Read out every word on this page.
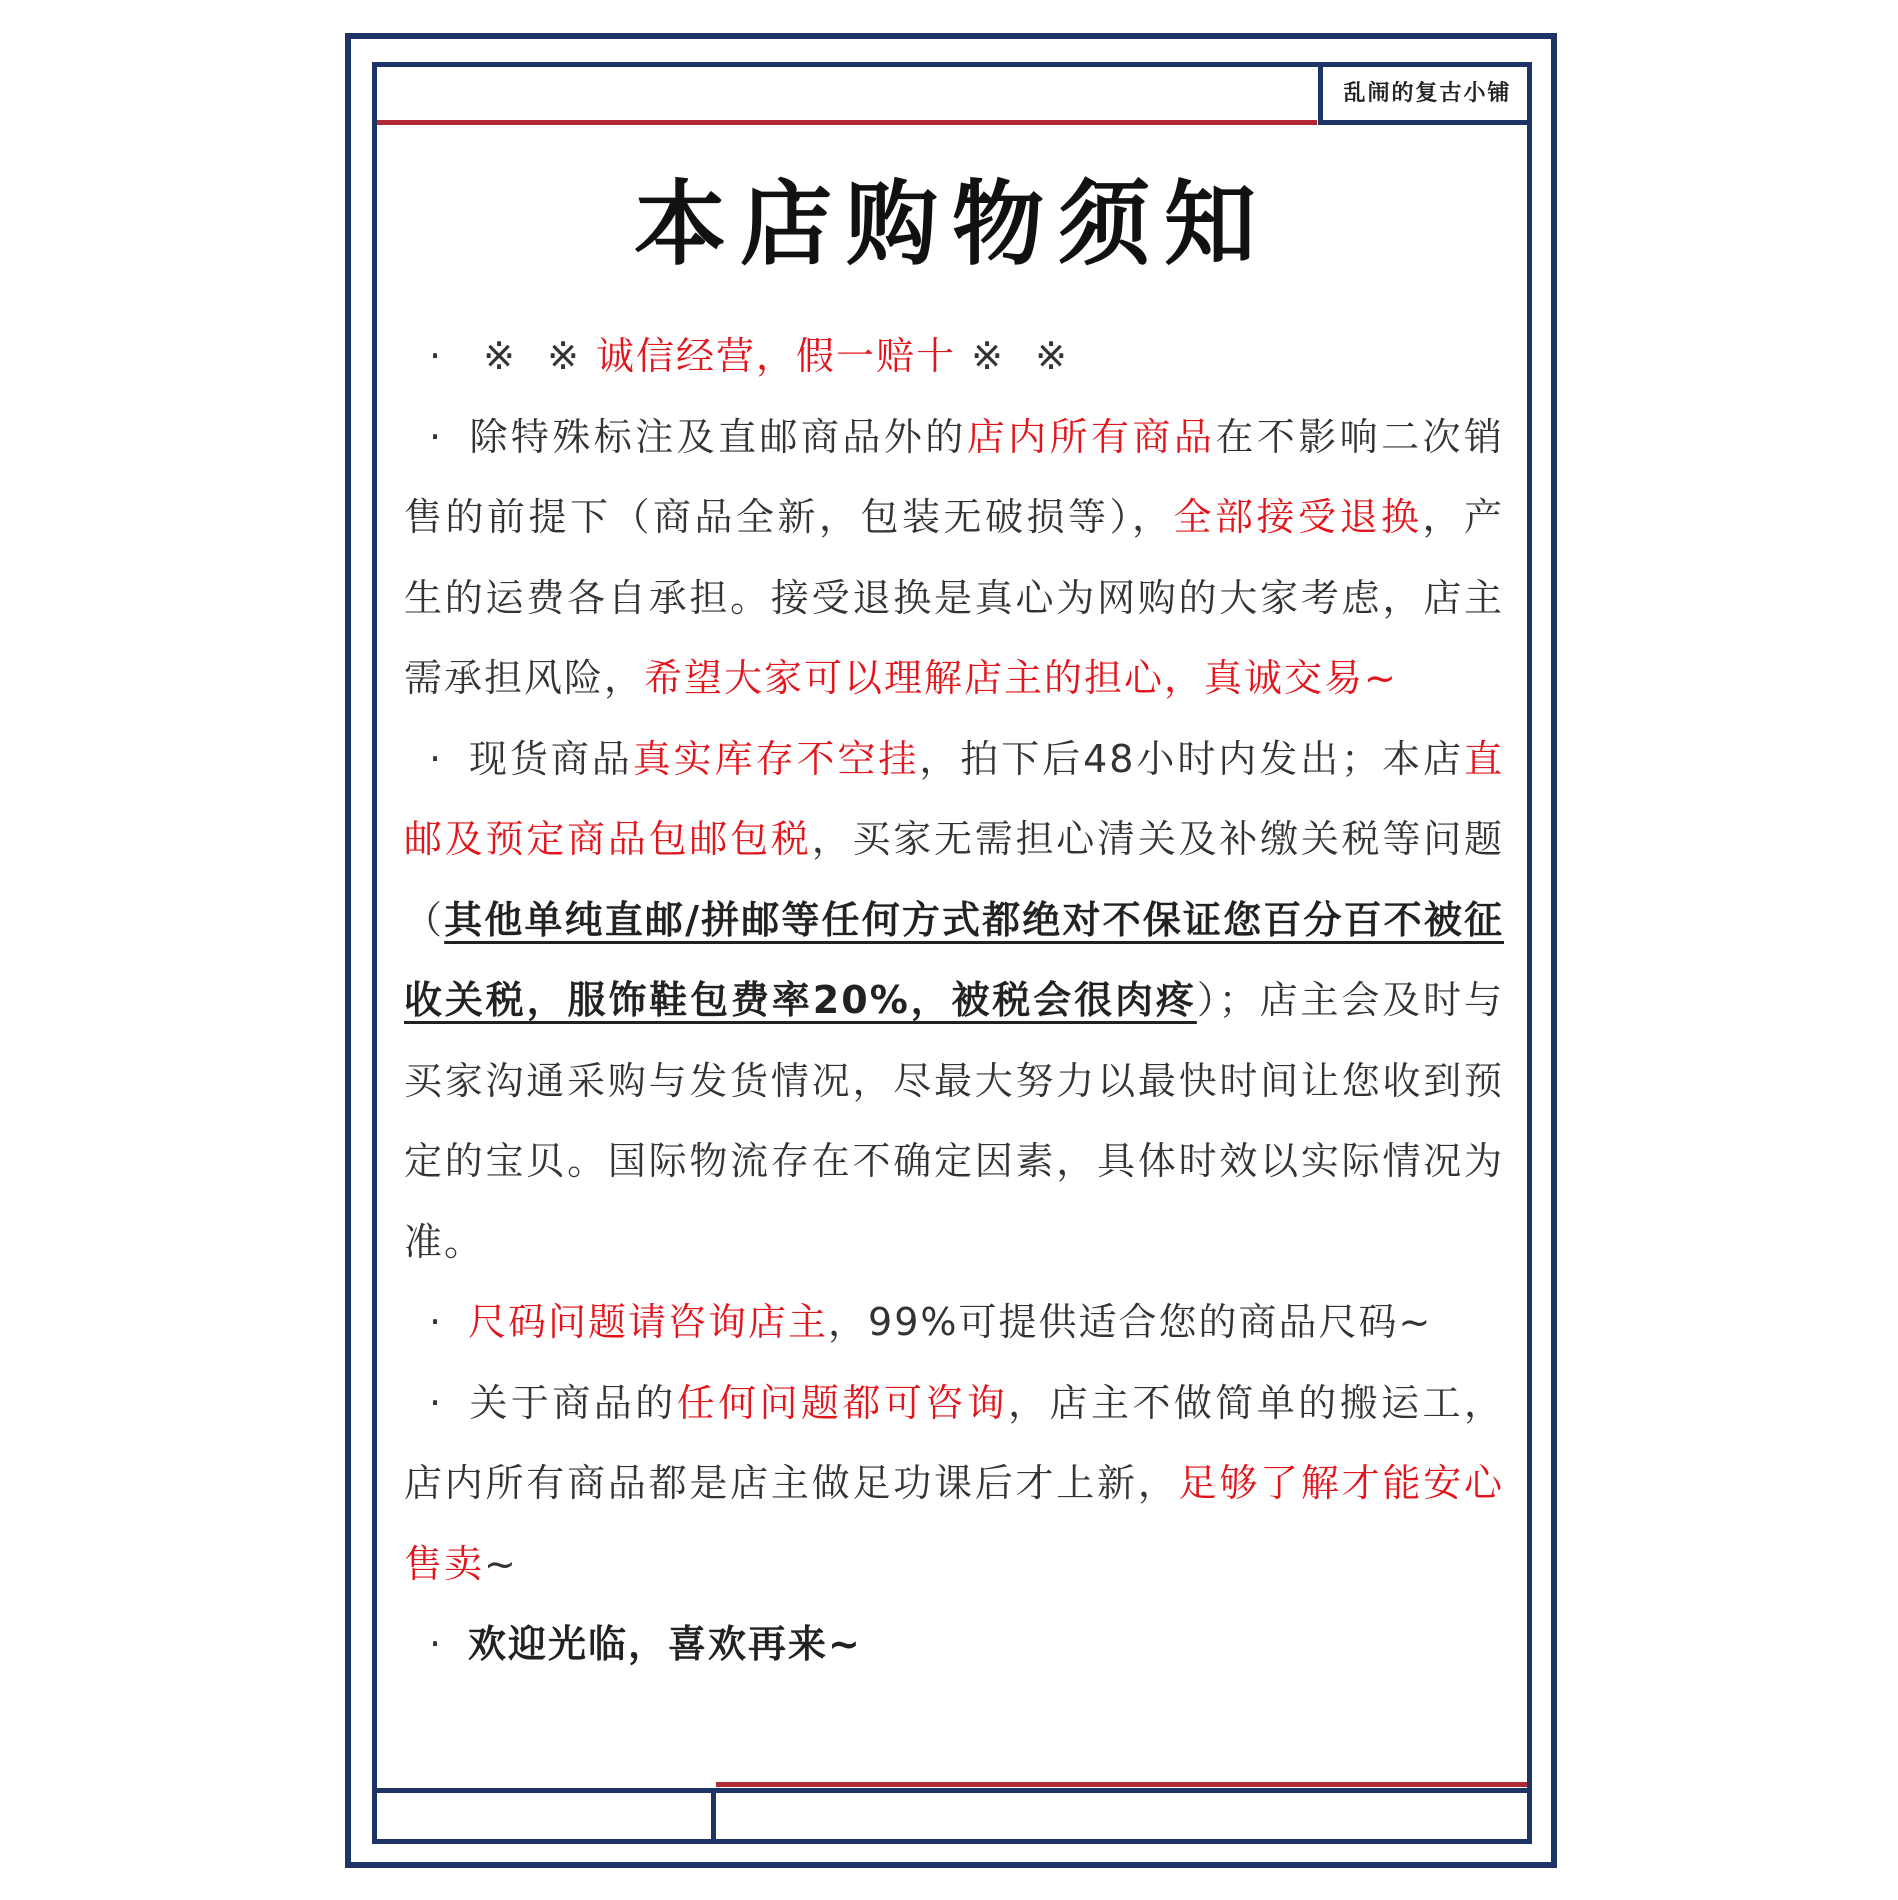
乱闹的复古小铺
本店购物须知

· ※ ※ 诚信经营，假一赔十 ※ ※

· 除特殊标注及直邮商品外的店内所有商品在不影响二次销售的前提下（商品全新，包装无破损等），全部接受退换，产生的运费各自承担。接受退换是真心为网购的大家考虑，店主需承担风险，希望大家可以理解店主的担心，真诚交易~

· 现货商品真实库存不空挂，拍下后48小时内发出；本店直邮及预定商品包邮包税，买家无需担心清关及补缴关税等问题（其他单纯直邮/拼邮等任何方式都绝对不保证您百分百不被征收关税，服饰鞋包费率20%，被税会很肉疼）；店主会及时与买家沟通采购与发货情况，尽最大努力以最快时间让您收到预定的宝贝。国际物流存在不确定因素，具体时效以实际情况为准。

· 尺码问题请咨询店主，99%可提供适合您的商品尺码~

· 关于商品的任何问题都可咨询，店主不做简单的搬运工，店内所有商品都是店主做足功课后才上新，足够了解才能安心售卖~

· 欢迎光临，喜欢再来~
